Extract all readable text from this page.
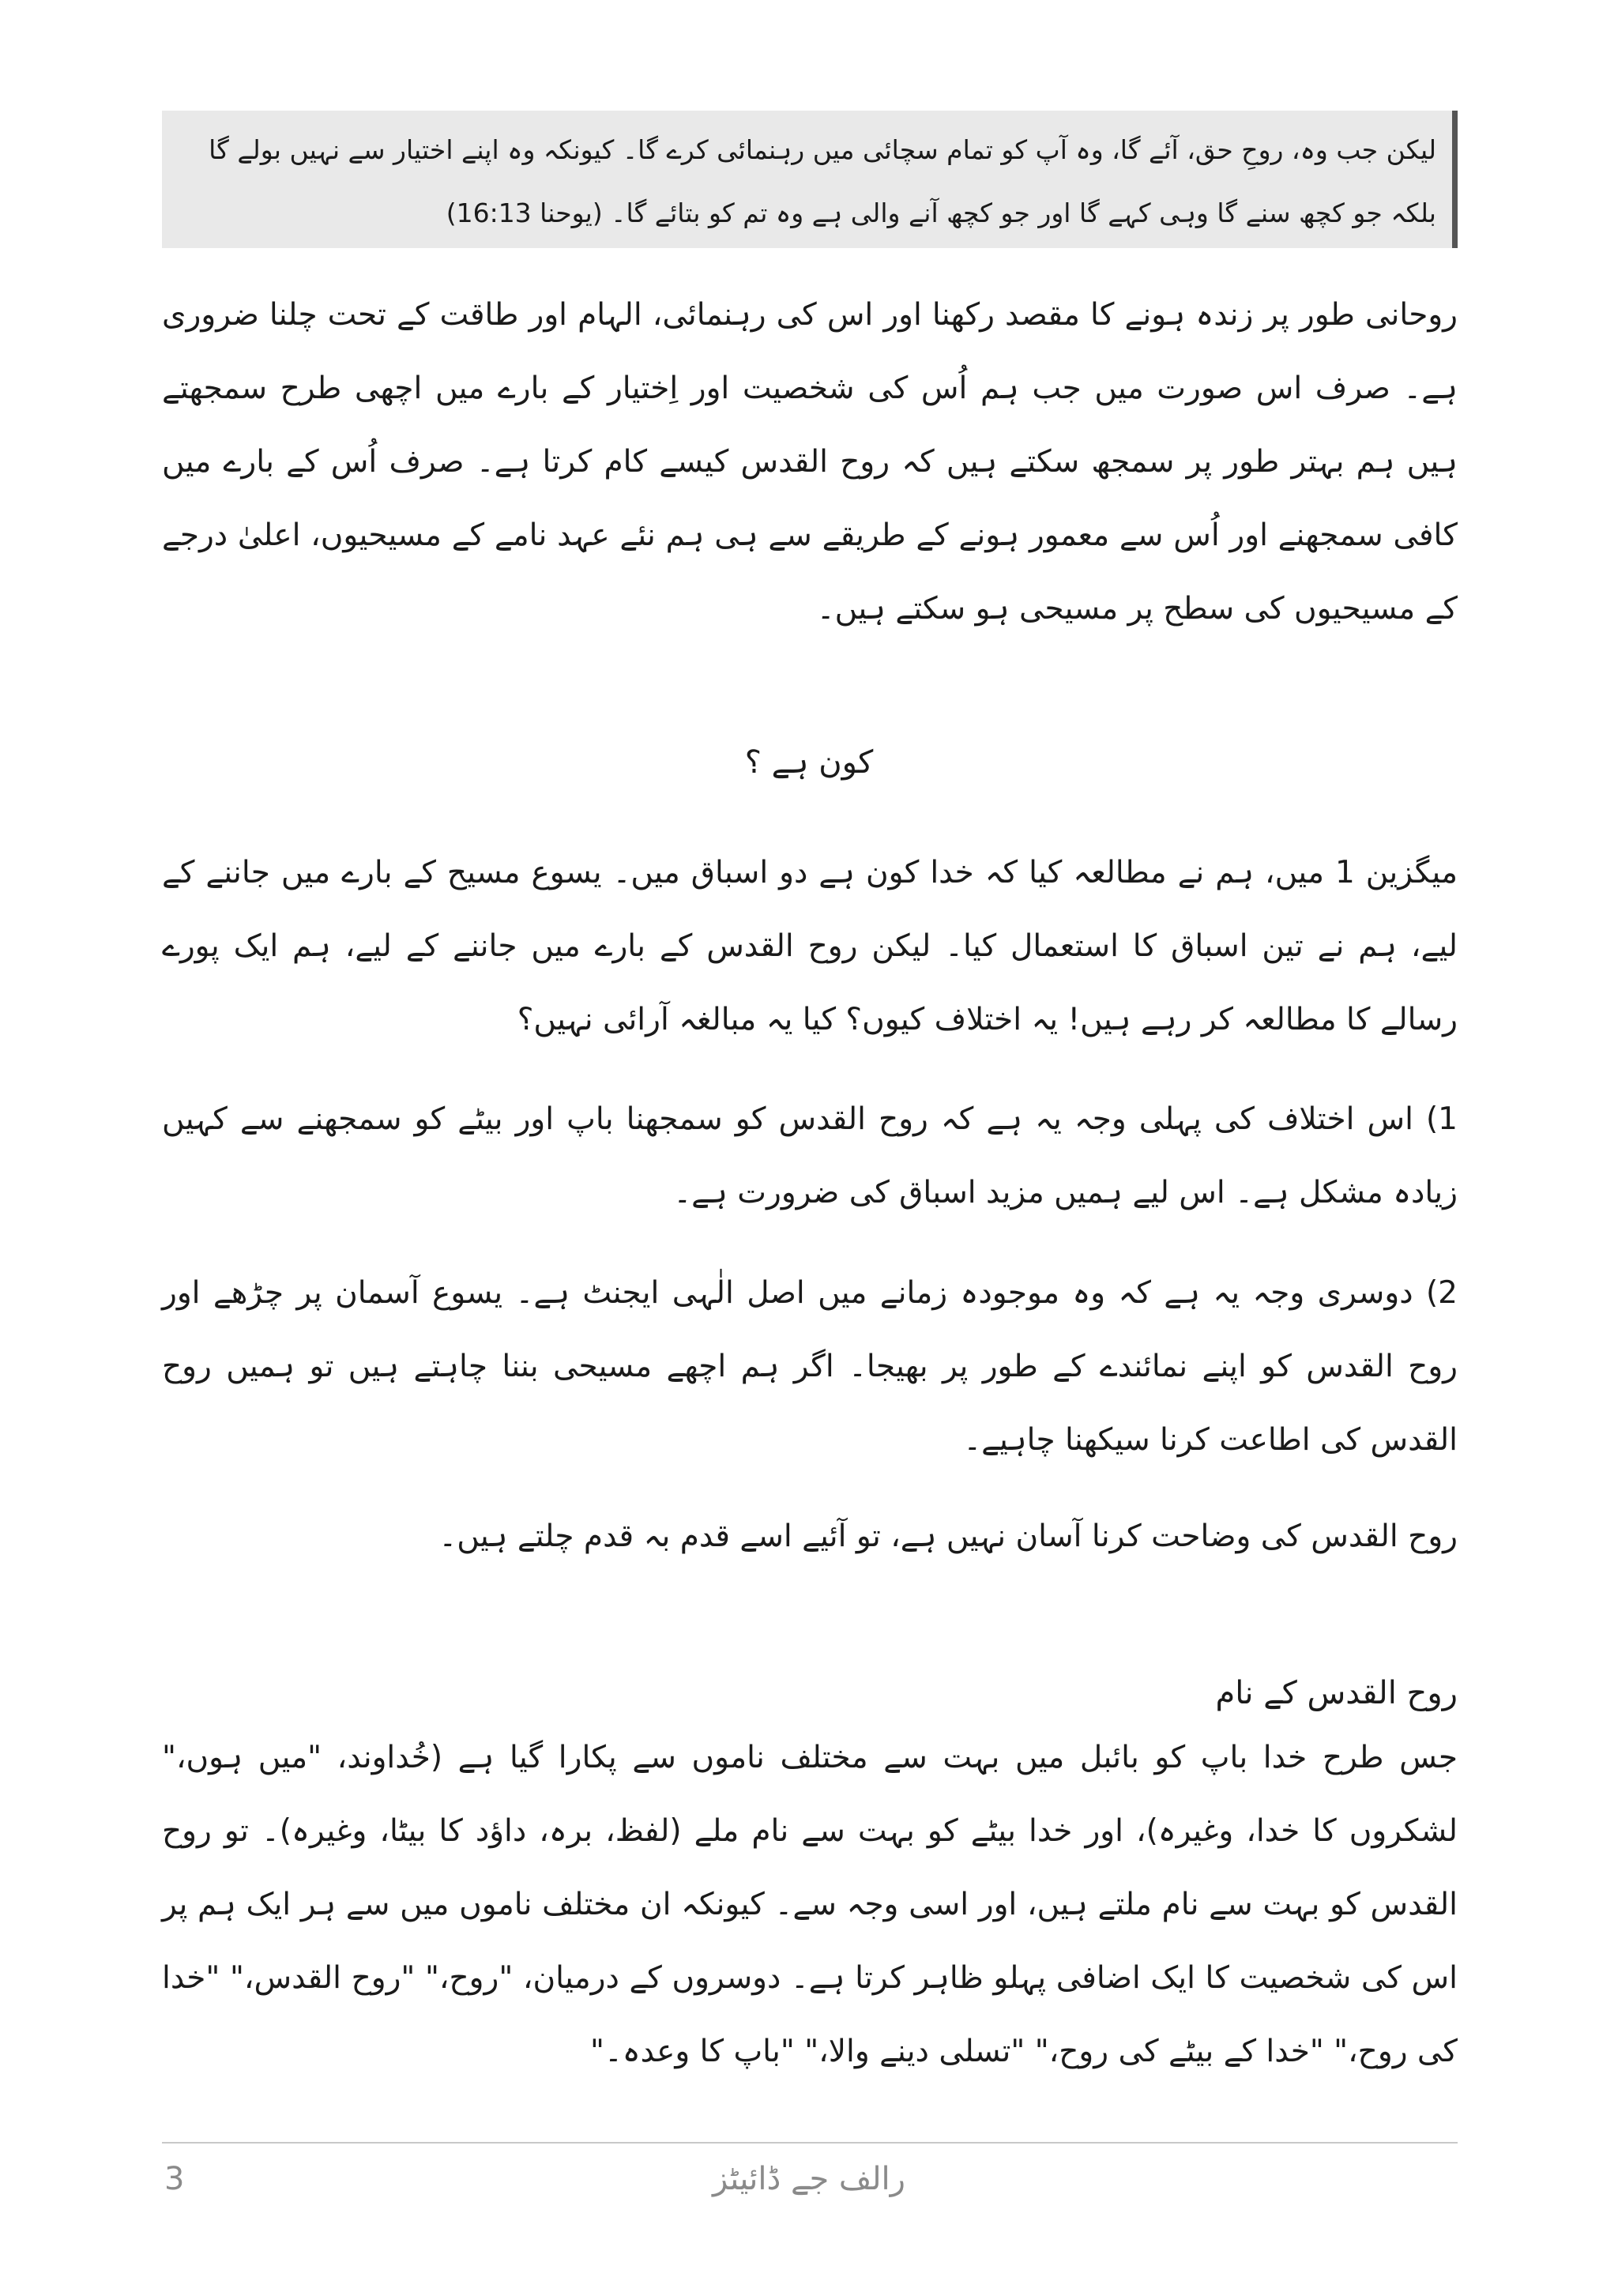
لیکن جب وہ، روحِ حق، آئے گا، وہ آپ کو تمام سچائی میں رہنمائی کرے گا۔ کیونکہ وہ اپنے اختیار سے نہیں بولے گا
بلکہ جو کچھ سنے گا وہی کہے گا اور جو کچھ آنے والی ہے وہ تم کو بتائے گا۔ (یوحنا 16:13)
روحانی طور پر زندہ ہونے کا مقصد رکھنا اور اس کی رہنمائی، الہام اور طاقت کے تحت چلنا ضروری ہے۔ صرف اس صورت میں جب ہم اُس کی شخصیت اور اِختیار کے بارے میں اچھی طرح سمجھتے ہیں ہم بہتر طور پر سمجھ سکتے ہیں کہ روح القدس کیسے کام کرتا ہے۔ صرف اُس کے بارے میں کافی سمجھنے اور اُس سے معمور ہونے کے طریقے سے ہی ہم نئے عہد نامے کے مسیحیوں، اعلیٰ درجے کے مسیحیوں کی سطح پر مسیحی ہو سکتے ہیں۔
کون ہے ؟
میگزین 1 میں، ہم نے مطالعہ کیا کہ خدا کون ہے دو اسباق میں۔ یسوع مسیح کے بارے میں جاننے کے لیے، ہم نے تین اسباق کا استعمال کیا۔ لیکن روح القدس کے بارے میں جاننے کے لیے، ہم ایک پورے رسالے کا مطالعہ کر رہے ہیں! یہ اختلاف کیوں؟ کیا یہ مبالغہ آرائی نہیں؟
1) اس اختلاف کی پہلی وجہ یہ ہے کہ روح القدس کو سمجھنا باپ اور بیٹے کو سمجھنے سے کہیں زیادہ مشکل ہے۔ اس لیے ہمیں مزید اسباق کی ضرورت ہے۔
2) دوسری وجہ یہ ہے کہ وہ موجودہ زمانے میں اصل الٰہی ایجنٹ ہے۔ یسوع آسمان پر چڑھے اور روح القدس کو اپنے نمائندے کے طور پر بھیجا۔ اگر ہم اچھے مسیحی بننا چاہتے ہیں تو ہمیں روح القدس کی اطاعت کرنا سیکھنا چاہیے۔
روح القدس کی وضاحت کرنا آسان نہیں ہے، تو آئیے اسے قدم بہ قدم چلتے ہیں۔
روح القدس کے نام
جس طرح خدا باپ کو بائبل میں بہت سے مختلف ناموں سے پکارا گیا ہے (خُداوند، "میں ہوں،" لشکروں کا خدا، وغیرہ)، اور خدا بیٹے کو بہت سے نام ملے (لفظ، برہ، داؤد کا بیٹا، وغیرہ)۔ تو روح القدس کو بہت سے نام ملتے ہیں، اور اسی وجہ سے۔ کیونکہ ان مختلف ناموں میں سے ہر ایک ہم پر اس کی شخصیت کا ایک اضافی پہلو ظاہر کرتا ہے۔ دوسروں کے درمیان، "روح،" "روح القدس،" "خدا کی روح،" "خدا کے بیٹے کی روح،" "تسلی دینے والا،" "باپ کا وعدہ۔"
3	رالف جے ڈائیٹز
